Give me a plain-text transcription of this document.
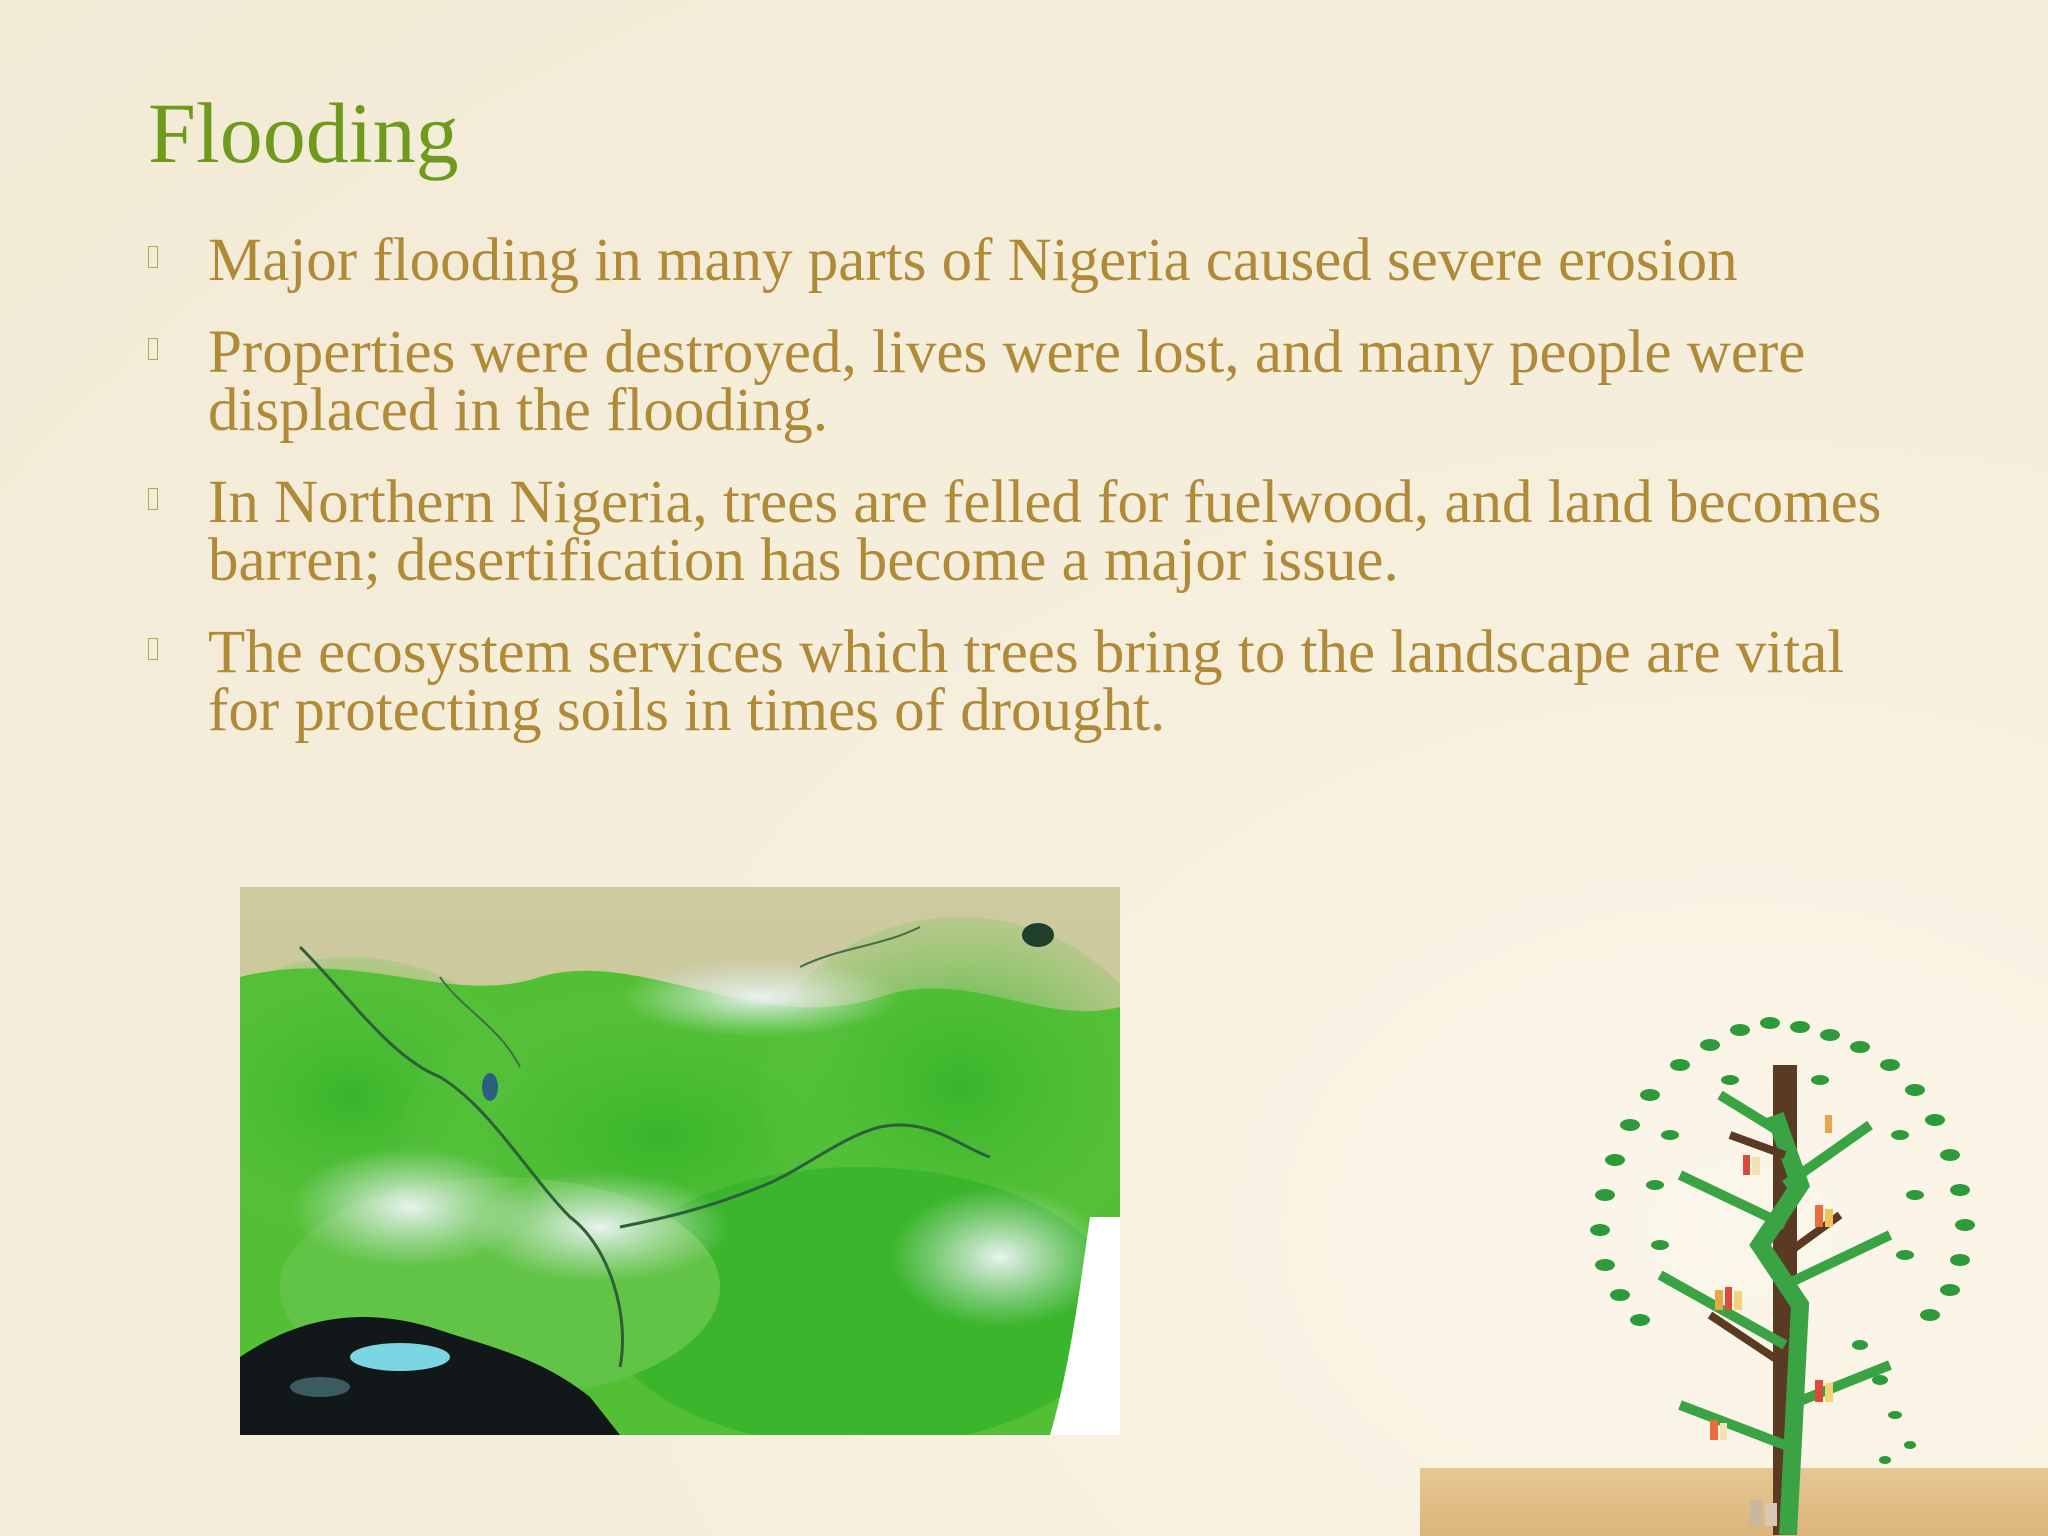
Flooding
Major flooding in many parts of Nigeria caused severe erosion
Properties were destroyed, lives were lost, and many people were displaced in the flooding.
In Northern Nigeria, trees are felled for fuelwood, and land becomes barren; desertification has become a major issue.
The ecosystem services which trees bring to the landscape are vital for protecting soils in times of drought.
